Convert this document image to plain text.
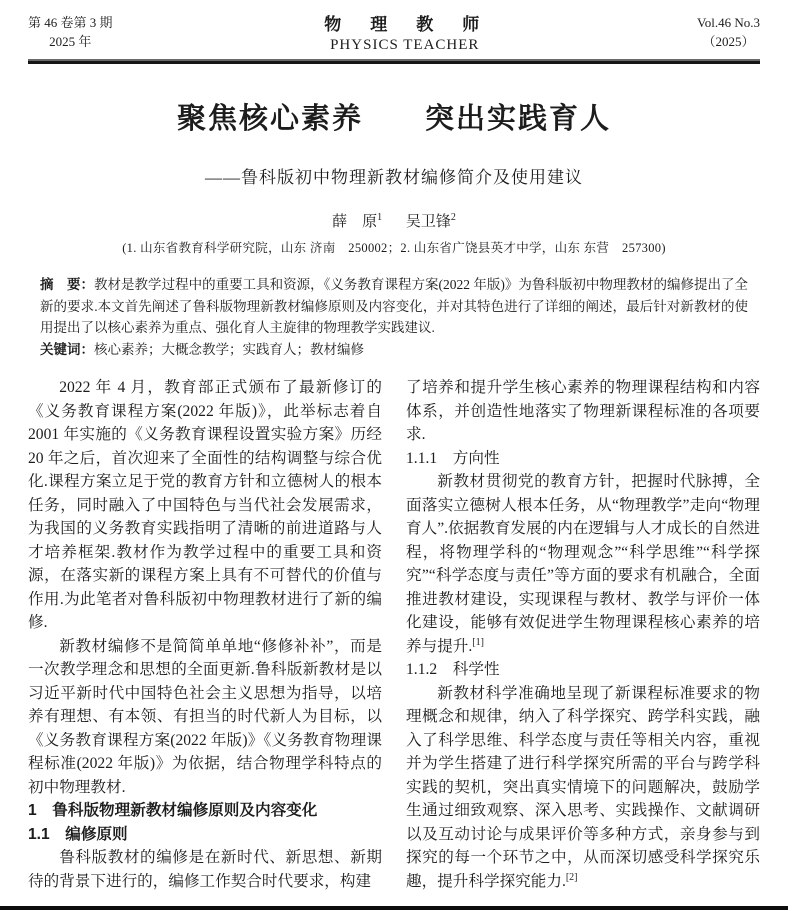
第 46 卷第 3 期
2025 年
物　理　教　师
PHYSICS TEACHER
Vol.46 No.3
（2025）
聚焦核心素养　　突出实践育人
——鲁科版初中物理新教材编修简介及使用建议
薛　原$^1$ 吴卫锋$^2$
(1. 山东省教育科学研究院，山东 济南　250002；2. 山东省广饶县英才中学，山东 东营　257300)
摘　要：教材是教学过程中的重要工具和资源，《义务教育课程方案(2022 年版)》为鲁科版初中物理教材的编修提出了全新的要求.本文首先阐述了鲁科版物理新教材编修原则及内容变化，并对其特色进行了详细的阐述，最后针对新教材的使用提出了以核心素养为重点、强化育人主旋律的物理教学实践建议.
关键词：核心素养；大概念教学；实践育人；教材编修

2022 年 4 月，教育部正式颁布了最新修订的《义务教育课程方案(2022 年版)》，此举标志着自 2001 年实施的《义务教育课程设置实验方案》历经 20 年之后，首次迎来了全面性的结构调整与综合优化.课程方案立足于党的教育方针和立德树人的根本任务，同时融入了中国特色与当代社会发展需求，为我国的义务教育实践指明了清晰的前进道路与人才培养框架.教材作为教学过程中的重要工具和资源，在落实新的课程方案上具有不可替代的价值与作用.为此笔者对鲁科版初中物理教材进行了新的编修.

新教材编修不是简简单单地“修修补补”，而是一次教学理念和思想的全面更新.鲁科版新教材是以习近平新时代中国特色社会主义思想为指导，以培养有理想、有本领、有担当的时代新人为目标，以《义务教育课程方案(2022 年版)》《义务教育物理课程标准(2022 年版)》为依据，结合物理学科特点的初中物理教材.

1　鲁科版物理新教材编修原则及内容变化

1.1　编修原则

鲁科版教材的编修是在新时代、新思想、新期待的背景下进行的，编修工作契合时代要求，构建

了培养和提升学生核心素养的物理课程结构和内容体系，并创造性地落实了物理新课程标准的各项要求.

1.1.1　方向性

新教材贯彻党的教育方针，把握时代脉搏，全面落实立德树人根本任务，从“物理教学”走向“物理育人”.依据教育发展的内在逻辑与人才成长的自然进程，将物理学科的“物理观念”“科学思维”“科学探究”“科学态度与责任”等方面的要求有机融合，全面推进教材建设，实现课程与教材、教学与评价一体化建设，能够有效促进学生物理课程核心素养的培养与提升.[1]

1.1.2　科学性

新教材科学准确地呈现了新课程标准要求的物理概念和规律，纳入了科学探究、跨学科实践，融入了科学思维、科学态度与责任等相关内容，重视并为学生搭建了进行科学探究所需的平台与跨学科实践的契机，突出真实情境下的问题解决，鼓励学生通过细致观察、深入思考、实践操作、文献调研以及互动讨论与成果评价等多种方式，亲身参与到探究的每一个环节之中，从而深切感受科学探究乐趣，提升科学探究能力.[2]
